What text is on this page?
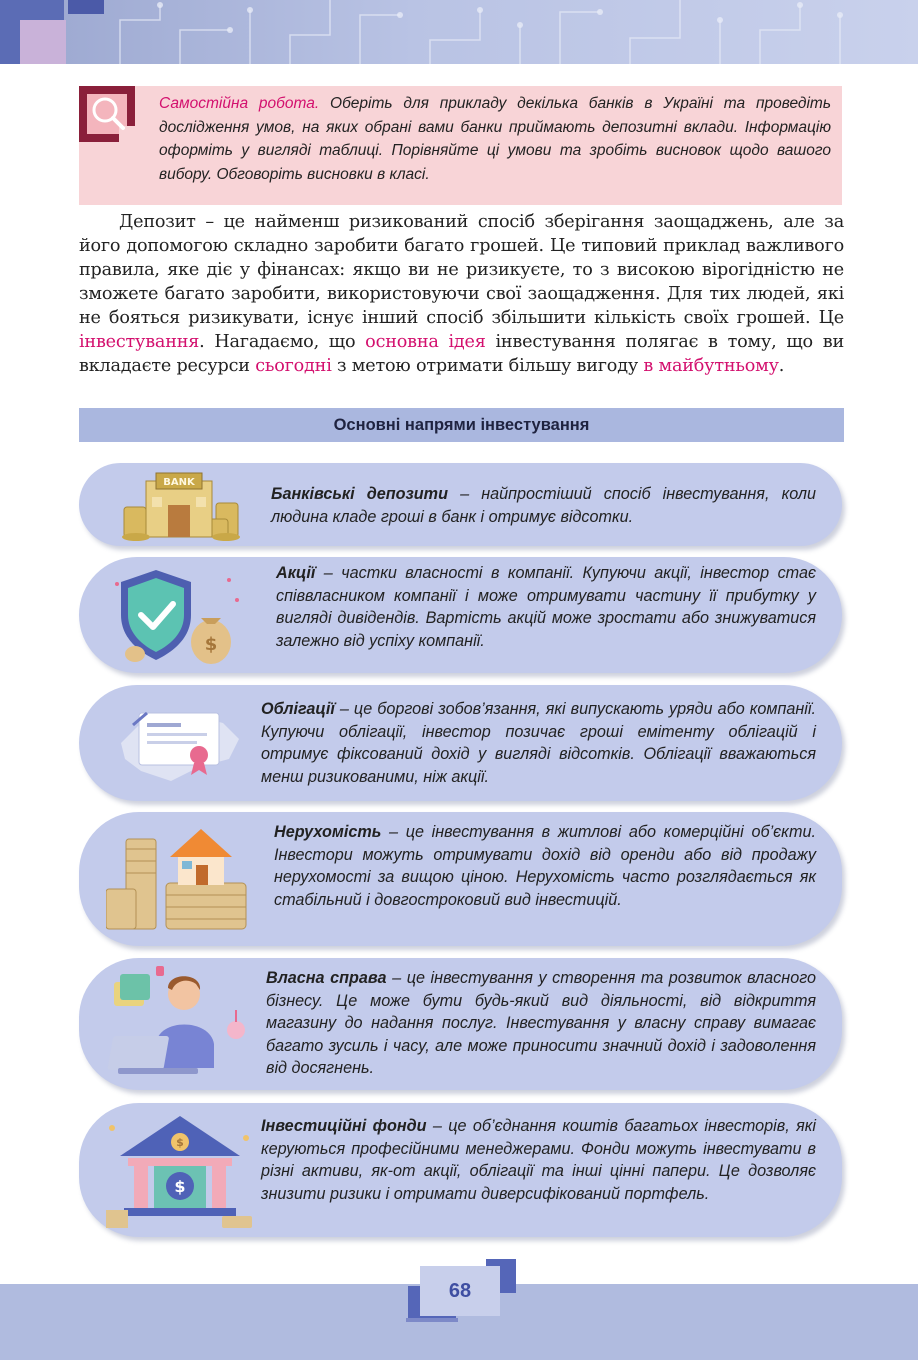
Самостійна робота. Оберіть для прикладу декілька банків в Україні та проведіть дослідження умов, на яких обрані вами банки приймають депозитні вклади. Інформацію оформіть у вигляді таблиці. Порівняйте ці умови та зробіть висновок щодо вашого вибору. Обговоріть висновки в класі.
Депозит – це найменш ризикований спосіб зберігання заощаджень, але за його допомогою складно заробити багато грошей. Це типовий приклад важливого правила, яке діє у фінансах: якщо ви не ризикуєте, то з високою вірогідністю не зможете багато заробити, використовуючи свої заощадження. Для тих людей, які не бояться ризикувати, існує інший спосіб збільшити кількість своїх грошей. Це інвестування. Нагадаємо, що основна ідея інвестування полягає в тому, що ви вкладаєте ресурси сьогодні з метою отримати більшу вигоду в майбутньому.
Основні напрями інвестування
BANK
Банківські депозити – найпростіший спосіб інвестування, коли людина кладе гроші в банк і отримує відсотки.
$
Акції – частки власності в компанії. Купуючи акції, інвестор стає співвласником компанії і може отримувати частину її прибутку у вигляді дивідендів. Вартість акцій може зростати або знижуватися залежно від успіху компанії.
Облігації – це боргові зобов’язання, які випускають уряди або компанії. Купуючи облігації, інвестор позичає гроші емітенту облігацій і отримує фіксований дохід у вигляді відсотків. Облігації вважаються менш ризикованими, ніж акції.
Нерухомість – це інвестування в житлові або комерційні об’єкти. Інвестори можуть отримувати дохід від оренди або від продажу нерухомості за вищою ціною. Нерухомість часто розглядається як стабільний і довгостроковий вид інвестицій.
Власна справа – це інвестування у створення та розвиток власного бізнесу. Це може бути будь-який вид діяльності, від відкриття магазину до надання послуг. Інвестування у власну справу вимагає багато зусиль і часу, але може приносити значний дохід і задоволення від досягнень.
$
$
Інвестиційні фонди – це об’єднання коштів багатьох інвесторів, які керуються професійними менеджерами. Фонди можуть інвестувати в різні активи, як-от акції, облігації та інші цінні папери. Це дозволяє знизити ризики і отримати диверсифікований портфель.
68
